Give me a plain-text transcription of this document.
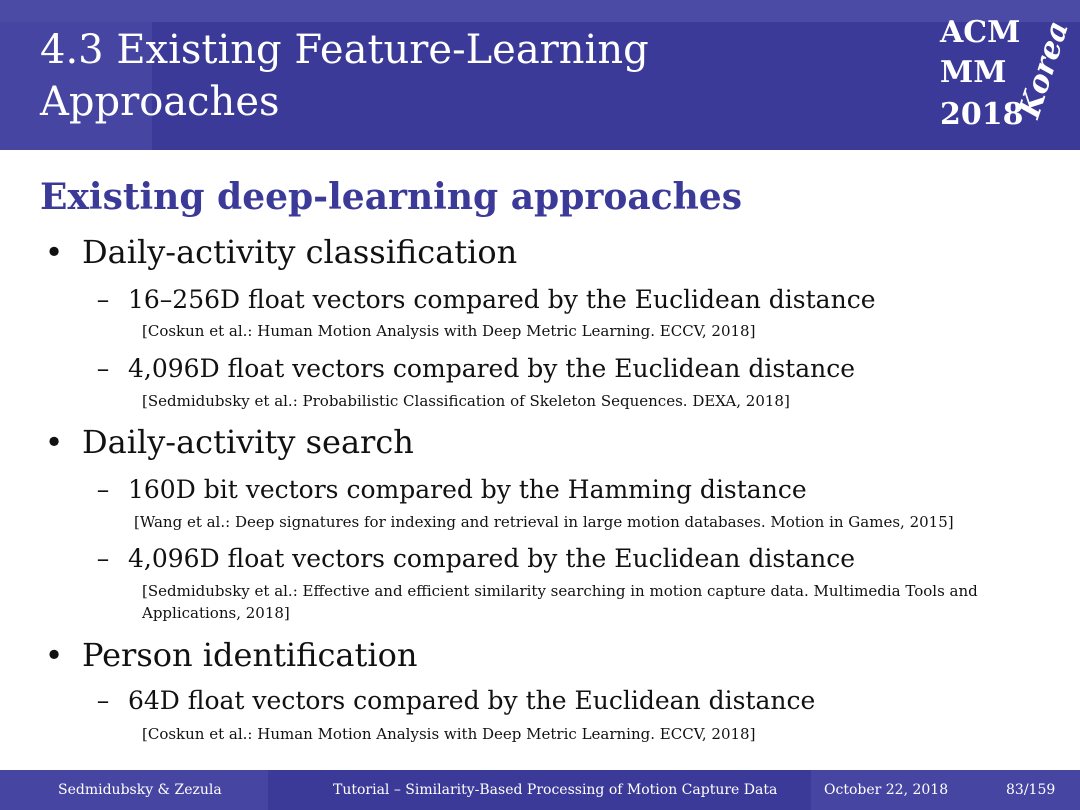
4.3 Existing Feature-Learning
Approaches
ACM
MM
2018
Korea
Existing deep-learning approaches
• Daily-activity classification
– 16–256D float vectors compared by the Euclidean distance
[Coskun et al.: Human Motion Analysis with Deep Metric Learning. ECCV, 2018]
– 4,096D float vectors compared by the Euclidean distance
[Sedmidubsky et al.: Probabilistic Classification of Skeleton Sequences. DEXA, 2018]
• Daily-activity search
– 160D bit vectors compared by the Hamming distance
[Wang et al.: Deep signatures for indexing and retrieval in large motion databases. Motion in Games, 2015]
– 4,096D float vectors compared by the Euclidean distance
[Sedmidubsky et al.: Effective and efficient similarity searching in motion capture data. Multimedia Tools and Applications, 2018]
• Person identification
– 64D float vectors compared by the Euclidean distance
[Coskun et al.: Human Motion Analysis with Deep Metric Learning. ECCV, 2018]
Sedmidubsky & Zezula	Tutorial – Similarity-Based Processing of Motion Capture Data	October 22, 2018	83/159
